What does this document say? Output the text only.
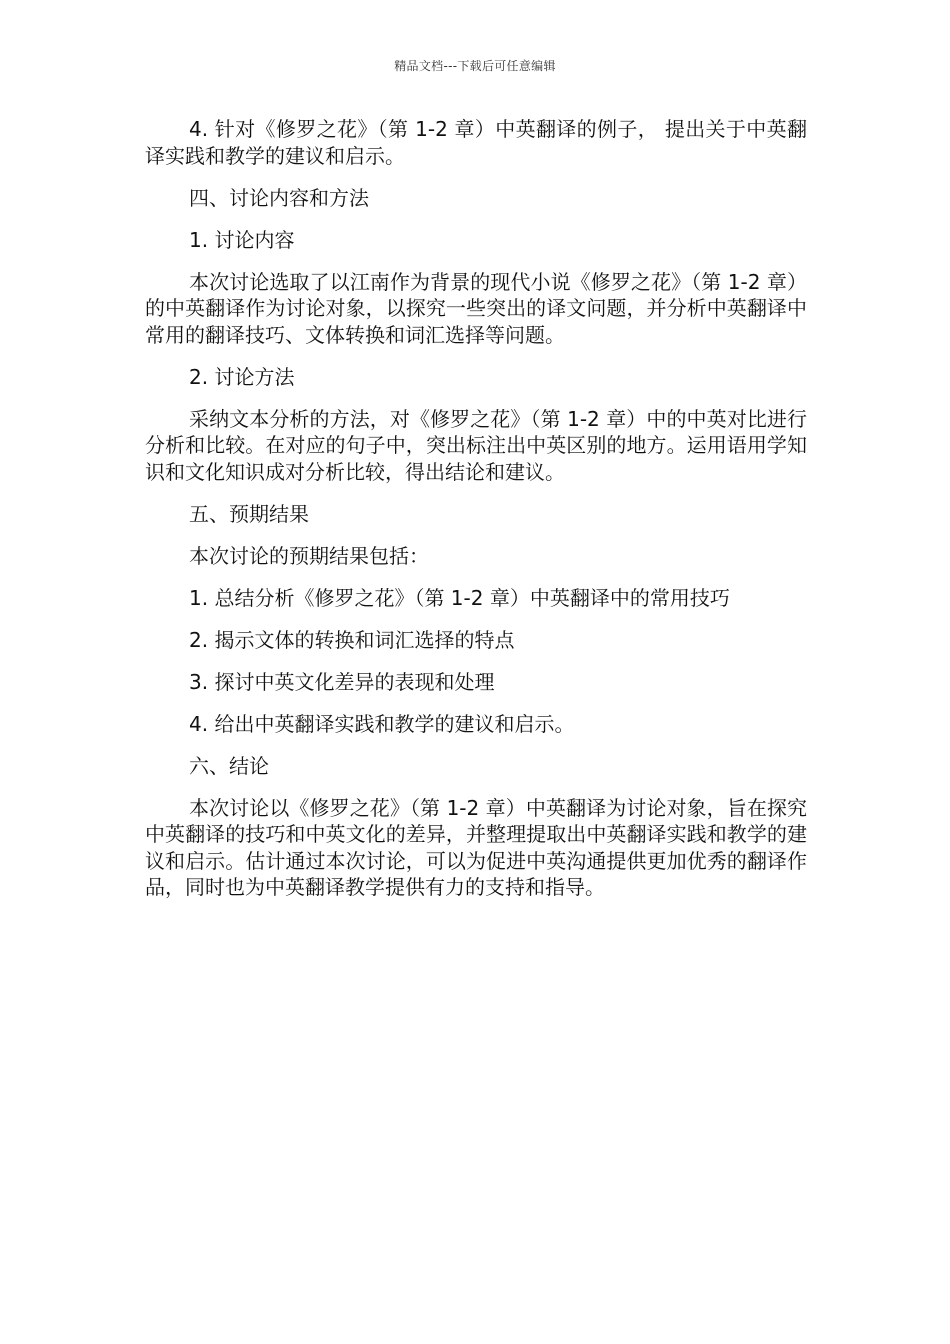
精品文档---下载后可任意编辑

4. 针对《修罗之花》（第 1-2 章）中英翻译的例子， 提出关于中英翻译实践和教学的建议和启示。

四、讨论内容和方法

1. 讨论内容

本次讨论选取了以江南作为背景的现代小说《修罗之花》（第 1-2 章）的中英翻译作为讨论对象，以探究一些突出的译文问题，并分析中英翻译中常用的翻译技巧、文体转换和词汇选择等问题。

2. 讨论方法

采纳文本分析的方法，对《修罗之花》（第 1-2 章）中的中英对比进行分析和比较。在对应的句子中，突出标注出中英区别的地方。运用语用学知识和文化知识成对分析比较，得出结论和建议。

五、预期结果

本次讨论的预期结果包括：

1. 总结分析《修罗之花》（第 1-2 章）中英翻译中的常用技巧

2. 揭示文体的转换和词汇选择的特点

3. 探讨中英文化差异的表现和处理

4. 给出中英翻译实践和教学的建议和启示。

六、结论

本次讨论以《修罗之花》（第 1-2 章）中英翻译为讨论对象，旨在探究中英翻译的技巧和中英文化的差异，并整理提取出中英翻译实践和教学的建议和启示。估计通过本次讨论，可以为促进中英沟通提供更加优秀的翻译作品，同时也为中英翻译教学提供有力的支持和指导。
